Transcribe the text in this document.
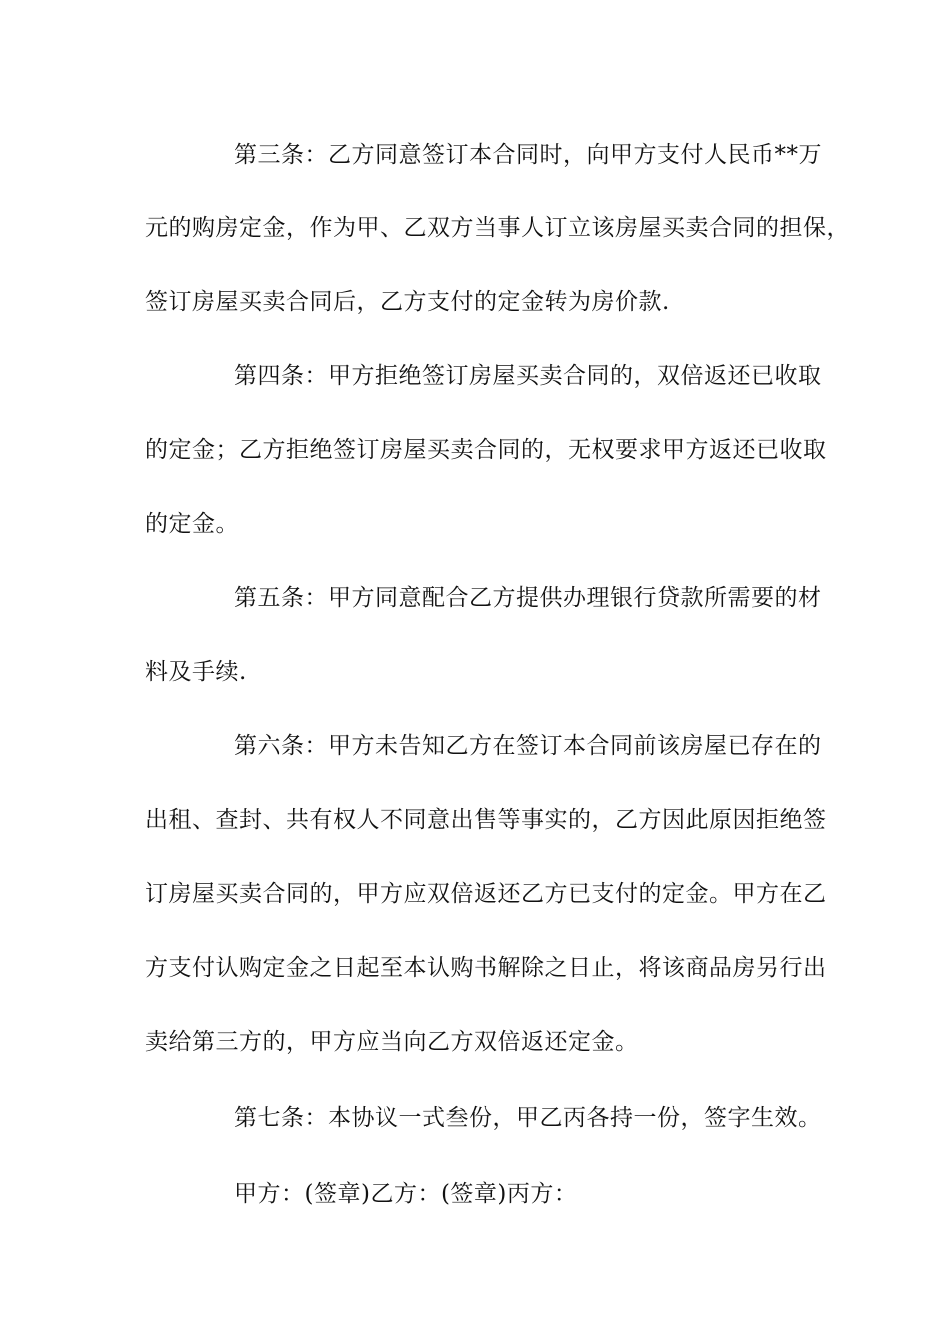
第三条：乙方同意签订本合同时，向甲方支付人民币**万
元的购房定金，作为甲、乙双方当事人订立该房屋买卖合同的担保，
签订房屋买卖合同后，乙方支付的定金转为房价款.
第四条：甲方拒绝签订房屋买卖合同的，双倍返还已收取
的定金；乙方拒绝签订房屋买卖合同的，无权要求甲方返还已收取
的定金。
第五条：甲方同意配合乙方提供办理银行贷款所需要的材
料及手续.
第六条：甲方未告知乙方在签订本合同前该房屋已存在的
出租、查封、共有权人不同意出售等事实的，乙方因此原因拒绝签
订房屋买卖合同的，甲方应双倍返还乙方已支付的定金。甲方在乙
方支付认购定金之日起至本认购书解除之日止，将该商品房另行出
卖给第三方的，甲方应当向乙方双倍返还定金。
第七条：本协议一式叁份，甲乙丙各持一份，签字生效。
甲方：(签章)乙方：(签章)丙方：
